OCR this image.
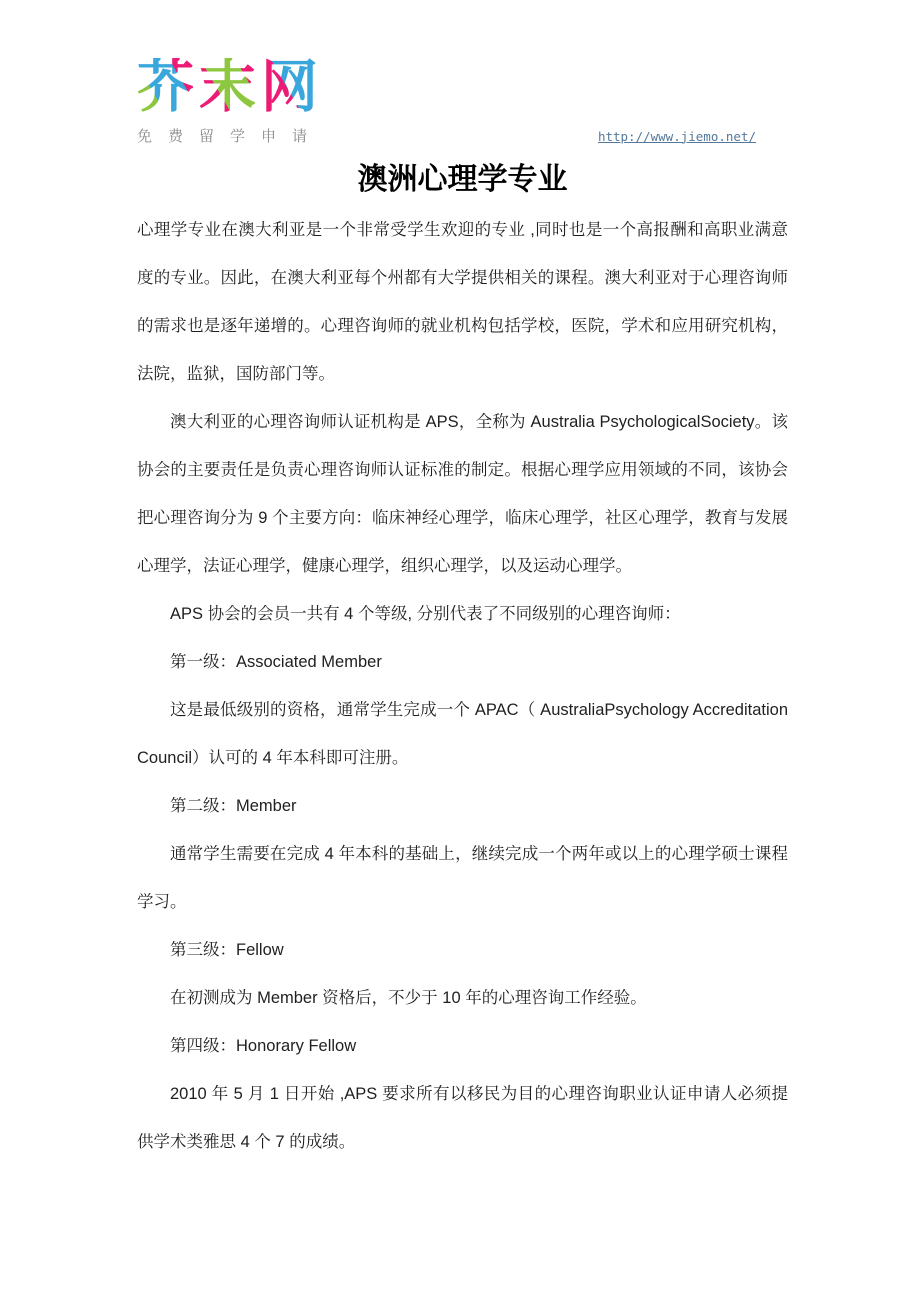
芥末网
免费留学申请	http://www.jiemo.net/
澳洲心理学专业

心理学专业在澳大利亚是一个非常受学生欢迎的专业 ,同时也是一个高报酬和高职业满意度的专业。因此，在澳大利亚每个州都有大学提供相关的课程。澳大利亚对于心理咨询师的需求也是逐年递增的。心理咨询师的就业机构包括学校，医院，学术和应用研究机构，法院，监狱，国防部门等。

澳大利亚的心理咨询师认证机构是 APS，全称为 Australia PsychologicalSociety。该协会的主要责任是负责心理咨询师认证标准的制定。根据心理学应用领域的不同，该协会把心理咨询分为 9 个主要方向：临床神经心理学，临床心理学，社区心理学，教育与发展心理学，法证心理学，健康心理学，组织心理学，以及运动心理学。

APS 协会的会员一共有 4 个等级, 分别代表了不同级别的心理咨询师：

第一级：Associated Member

这是最低级别的资格，通常学生完成一个 APAC（ AustraliaPsychology Accreditation Council）认可的 4 年本科即可注册。

第二级：Member

通常学生需要在完成 4 年本科的基础上，继续完成一个两年或以上的心理学硕士课程学习。

第三级：Fellow

在初测成为 Member 资格后，不少于 10 年的心理咨询工作经验。

第四级：Honorary Fellow

2010 年 5 月 1 日开始 ,APS 要求所有以移民为目的心理咨询职业认证申请人必须提供学术类雅思 4 个 7 的成绩。
